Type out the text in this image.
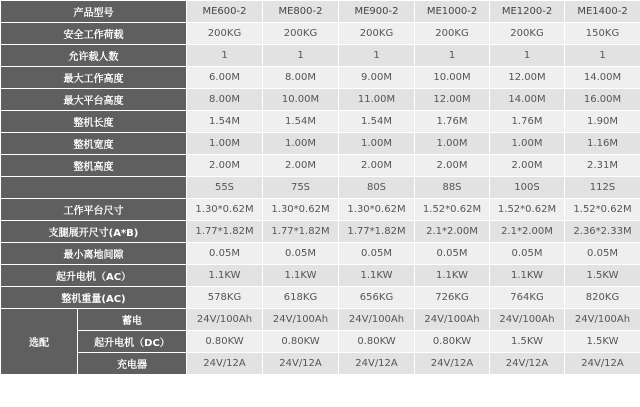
产品型号		ME600-2	ME800-2	ME900-2	ME1000-2	ME1200-2	ME1400-2
安全工作荷载		200KG	200KG	200KG	200KG	200KG	150KG
允许载人数		1	1	1	1	1	1
最大工作高度		6.00M	8.00M	9.00M	10.00M	12.00M	14.00M
最大平台高度		8.00M	10.00M	11.00M	12.00M	14.00M	16.00M
整机长度		1.54M	1.54M	1.54M	1.76M	1.76M	1.90M
整机宽度		1.00M	1.00M	1.00M	1.00M	1.00M	1.16M
整机高度		2.00M	2.00M	2.00M	2.00M	2.00M	2.31M
		55S	75S	80S	88S	100S	112S
工作平台尺寸		1.30*0.62M	1.30*0.62M	1.30*0.62M	1.52*0.62M	1.52*0.62M	1.52*0.62M
支腿展开尺寸(A*B)		1.77*1.82M	1.77*1.82M	1.77*1.82M	2.1*2.00M	2.1*2.00M	2.36*2.33M
最小离地间隙		0.05M	0.05M	0.05M	0.05M	0.05M	0.05M
起升电机（AC）		1.1KW	1.1KW	1.1KW	1.1KW	1.1KW	1.5KW
整机重量(AC)		578KG	618KG	656KG	726KG	764KG	820KG
选配	蓄电	24V/100Ah	24V/100Ah	24V/100Ah	24V/100Ah	24V/100Ah	24V/100Ah
	起升电机（DC）	0.80KW	0.80KW	0.80KW	0.80KW	1.5KW	1.5KW
	充电器	24V/12A	24V/12A	24V/12A	24V/12A	24V/12A	24V/12A
